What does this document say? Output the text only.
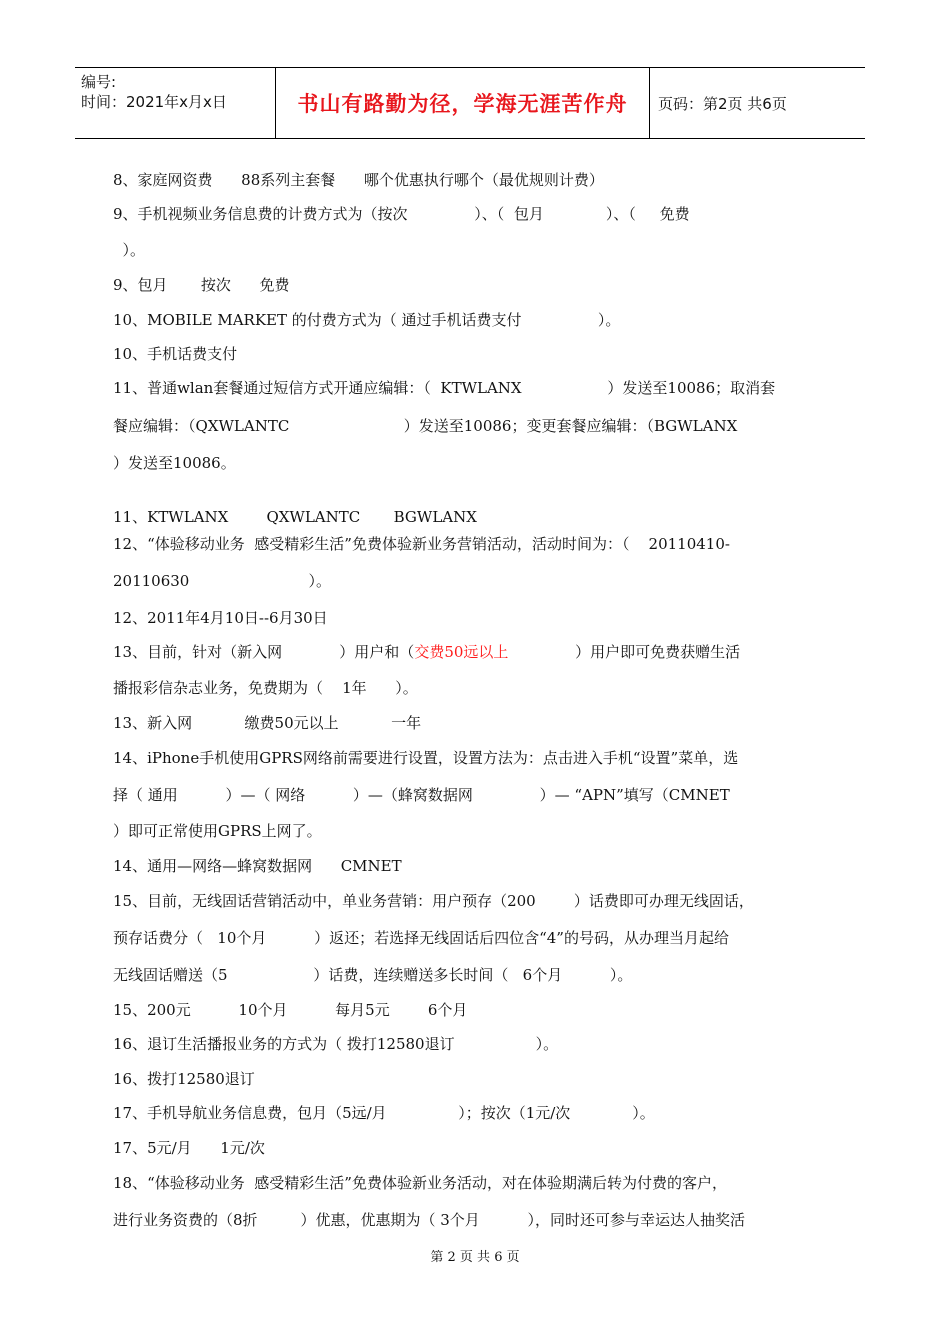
编号:
时间：2021年x月x日	书山有路勤为径，学海无涯苦作舟	页码：第2页 共6页
8、家庭网资费      88系列主套餐      哪个优惠执行哪个（最优规则计费）
9、手机视频业务信息费的计费方式为（按次              ）、（  包月             ）、（     免费
）。
9、包月       按次      免费
10、MOBILE MARKET 的付费方式为（ 通过手机话费支付                ）。
10、手机话费支付
11、普通wlan套餐通过短信方式开通应编辑：（  KTWLANX                  ）发送至10086；取消套
餐应编辑：（QXWLANTC                        ）发送至10086；变更套餐应编辑：（BGWLANX
）发送至10086。
11、KTWLANX        QXWLANTC       BGWLANX
12、“体验移动业务  感受精彩生活”免费体验新业务营销活动，活动时间为：（    20110410-
20110630                         ）。
12、2011年4月10日--6月30日
13、目前，针对（新入网            ）用户和（交费50远以上              ）用户即可免费获赠生活
播报彩信杂志业务，免费期为（    1年      ）。
13、新入网           缴费50元以上           一年
14、iPhone手机使用GPRS网络前需要进行设置，设置方法为：点击进入手机“设置”菜单，选
择（ 通用          ）—（ 网络          ）—（蜂窝数据网              ）— “APN”填写（CMNET
）即可正常使用GPRS上网了。
14、通用—网络—蜂窝数据网      CMNET
15、目前，无线固话营销活动中，单业务营销：用户预存（200        ）话费即可办理无线固话，
预存话费分（   10个月          ）返还；若选择无线固话后四位含“4”的号码，从办理当月起给
无线固话赠送（5                  ）话费，连续赠送多长时间（   6个月          ）。
15、200元          10个月          每月5元        6个月
16、退订生活播报业务的方式为（ 拨打12580退订                 ）。
16、拨打12580退订
17、手机导航业务信息费，包月（5远/月               ）；按次（1元/次             ）。
17、5元/月      1元/次
18、“体验移动业务  感受精彩生活”免费体验新业务活动，对在体验期满后转为付费的客户，
进行业务资费的（8折         ）优惠，优惠期为（ 3个月          ），同时还可参与幸运达人抽奖活
第 2 页 共 6 页
